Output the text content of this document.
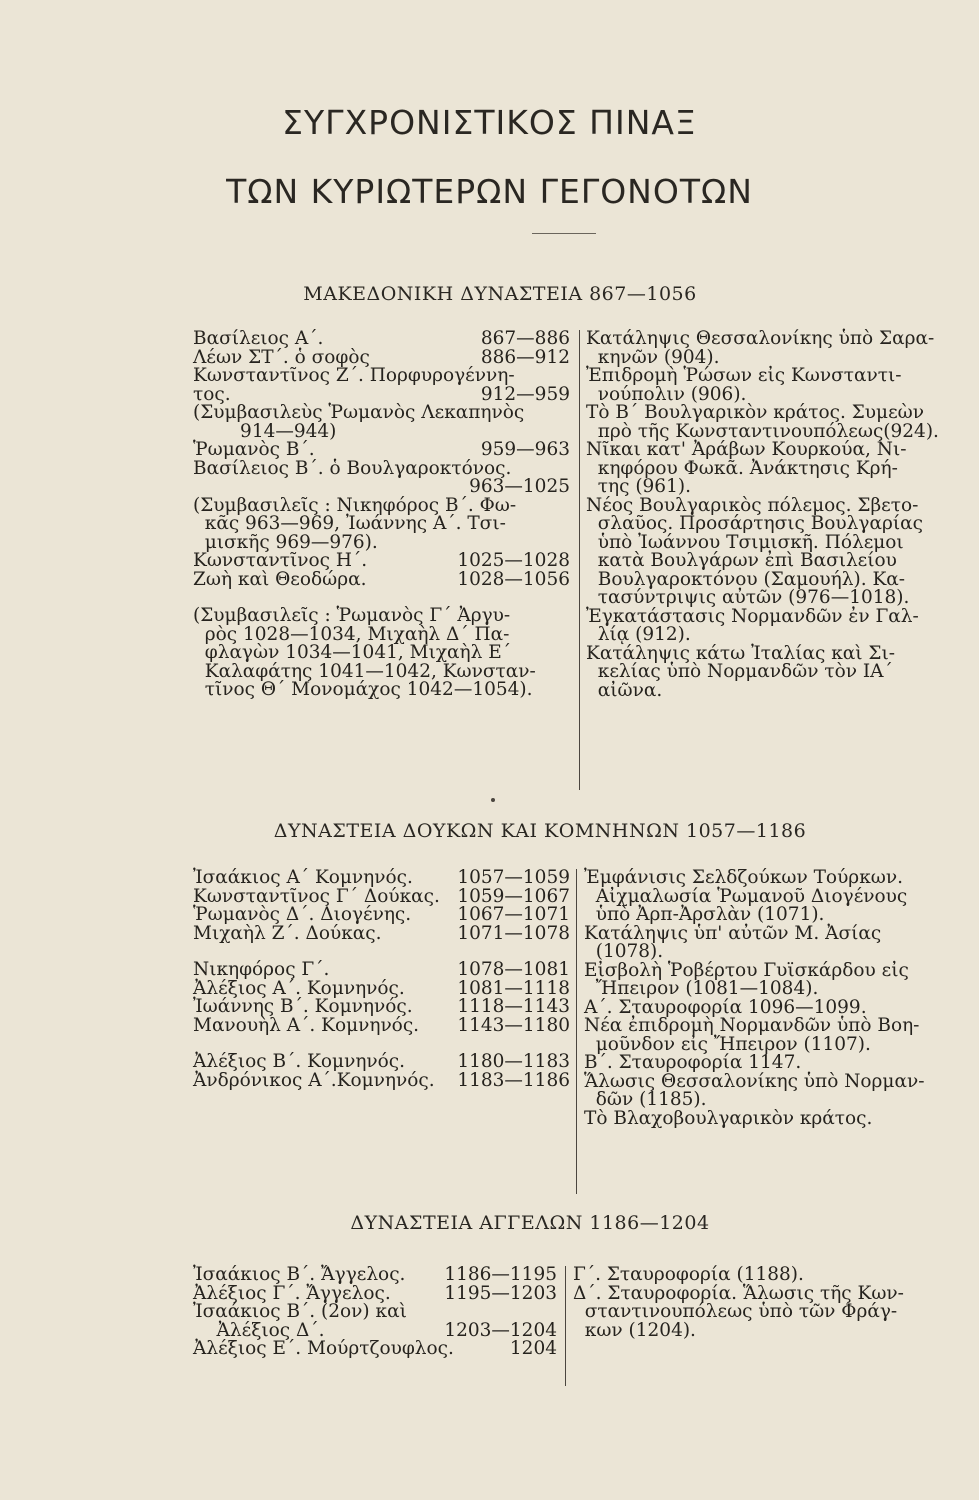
ΣΥΓΧΡΟΝΙΣΤΙΚΟΣ ΠΙΝΑΞ
ΤΩΝ ΚΥΡΙΩΤΕΡΩΝ ΓΕΓΟΝΟΤΩΝ
ΜΑΚΕΔΟΝΙΚΗ ΔΥΝΑΣΤΕΙΑ 867—1056
Βασίλειος Α΄.	867—886
Λέων ΣΤ΄. ὁ σοφὸς	886—912
Κωνσταντῖνος Ζ΄. Πορφυρογέννη-
τος.	912—959
(Συμβασιλεὺς Ῥωμανὸς Λεκαπηνὸς
914—944)
Ῥωμανὸς Β΄.	959—963
Βασίλειος Β΄. ὁ Βουλγαροκτόνος.
963—1025
(Συμβασιλεῖς : Νικηφόρος Β΄. Φω-
κᾶς 963—969, Ἰωάννης Α΄. Τσι-
μισκῆς 969—976).
Κωνσταντῖνος Η΄.	1025—1028
Ζωὴ καὶ Θεοδώρα.	1028—1056
(Συμβασιλεῖς : Ῥωμανὸς Γ΄ Ἀργυ-
ρὸς 1028—1034, Μιχαὴλ Δ΄ Πα-
φλαγὼν 1034—1041, Μιχαὴλ Ε΄
Καλαφάτης 1041—1042, Κωνσταν-
τῖνος Θ΄ Μονομάχος 1042—1054).
Κατάληψις Θεσσαλονίκης ὑπὸ Σαρα-
κηνῶν (904).
Ἐπιδρομὴ Ῥώσων εἰς Κωνσταντι-
νούπολιν (906).
Τὸ Β΄ Βουλγαρικὸν κράτος. Συμεὼν
πρὸ τῆς Κωνσταντινουπόλεως(924).
Νῖκαι κατ' Ἀράβων Κουρκούα, Νι-
κηφόρου Φωκᾶ. Ἀνάκτησις Κρή-
της (961).
Νέος Βουλγαρικὸς πόλεμος. Σβετο-
σλαῦος. Προσάρτησις Βουλγαρίας
ὑπὸ Ἰωάννου Τσιμισκῆ. Πόλεμοι
κατὰ Βουλγάρων ἐπὶ Βασιλείου
Βουλγαροκτόνου (Σαμουήλ). Κα-
τασύντριψις αὐτῶν (976—1018).
Ἐγκατάστασις Νορμανδῶν ἐν Γαλ-
λίᾳ (912).
Κατάληψις κάτω Ἰταλίας καὶ Σι-
κελίας ὑπὸ Νορμανδῶν τὸν ΙΑ΄
αἰῶνα.
ΔΥΝΑΣΤΕΙΑ ΔΟΥΚΩΝ ΚΑΙ ΚΟΜΝΗΝΩΝ 1057—1186
Ἰσαάκιος Α΄ Κομνηνός. 1057—1059
Κωνσταντῖνος Γ΄ Δούκας. 1059—1067
Ῥωμανὸς Δ΄. Διογένης. 1067—1071
Μιχαὴλ Ζ΄. Δούκας.	1071—1078
Νικηφόρος Γ΄.	1078—1081
Ἀλέξιος Α΄. Κομνηνός.	1081—1118
Ἰωάννης Β΄. Κομνηνός. 1118—1143
Μανουὴλ Α΄. Κομνηνός. 1143—1180
Ἀλέξιος Β΄. Κομνηνός.	1180—1183
Ἀνδρόνικος Α΄.Κομνηνός. 1183—1186
Ἐμφάνισις Σελδζούκων Τούρκων.
Αἰχμαλωσία Ῥωμανοῦ Διογένους
ὑπὸ Ἀρπ-Ἀρσλὰν (1071).
Κατάληψις ὑπ' αὐτῶν Μ. Ἀσίας
(1078).
Εἰσβολὴ Ῥοβέρτου Γυϊσκάρδου εἰς
Ἤπειρον (1081—1084).
Α΄. Σταυροφορία 1096—1099.
Νέα ἐπιδρομὴ Νορμανδῶν ὑπὸ Βοη-
μοῦνδον εἰς Ἤπειρον (1107).
Β΄. Σταυροφορία 1147.
Ἅλωσις Θεσσαλονίκης ὑπὸ Νορμαν-
δῶν (1185).
Τὸ Βλαχοβουλγαρικὸν κράτος.
ΔΥΝΑΣΤΕΙΑ ΑΓΓΕΛΩΝ 1186—1204
Ἰσαάκιος Β΄. Ἄγγελος. 1186—1195
Ἀλέξιος Γ΄. Ἄγγελος.	1195—1203
Ἰσαάκιος Β΄. (2ον) καὶ
Ἀλέξιος Δ΄.	1203—1204
Ἀλέξιος Ε΄. Μούρτζουφλος.	1204
Γ΄. Σταυροφορία (1188).
Δ΄. Σταυροφορία. Ἅλωσις τῆς Κων-
σταντινουπόλεως ὑπὸ τῶν Φράγ-
κων (1204).
